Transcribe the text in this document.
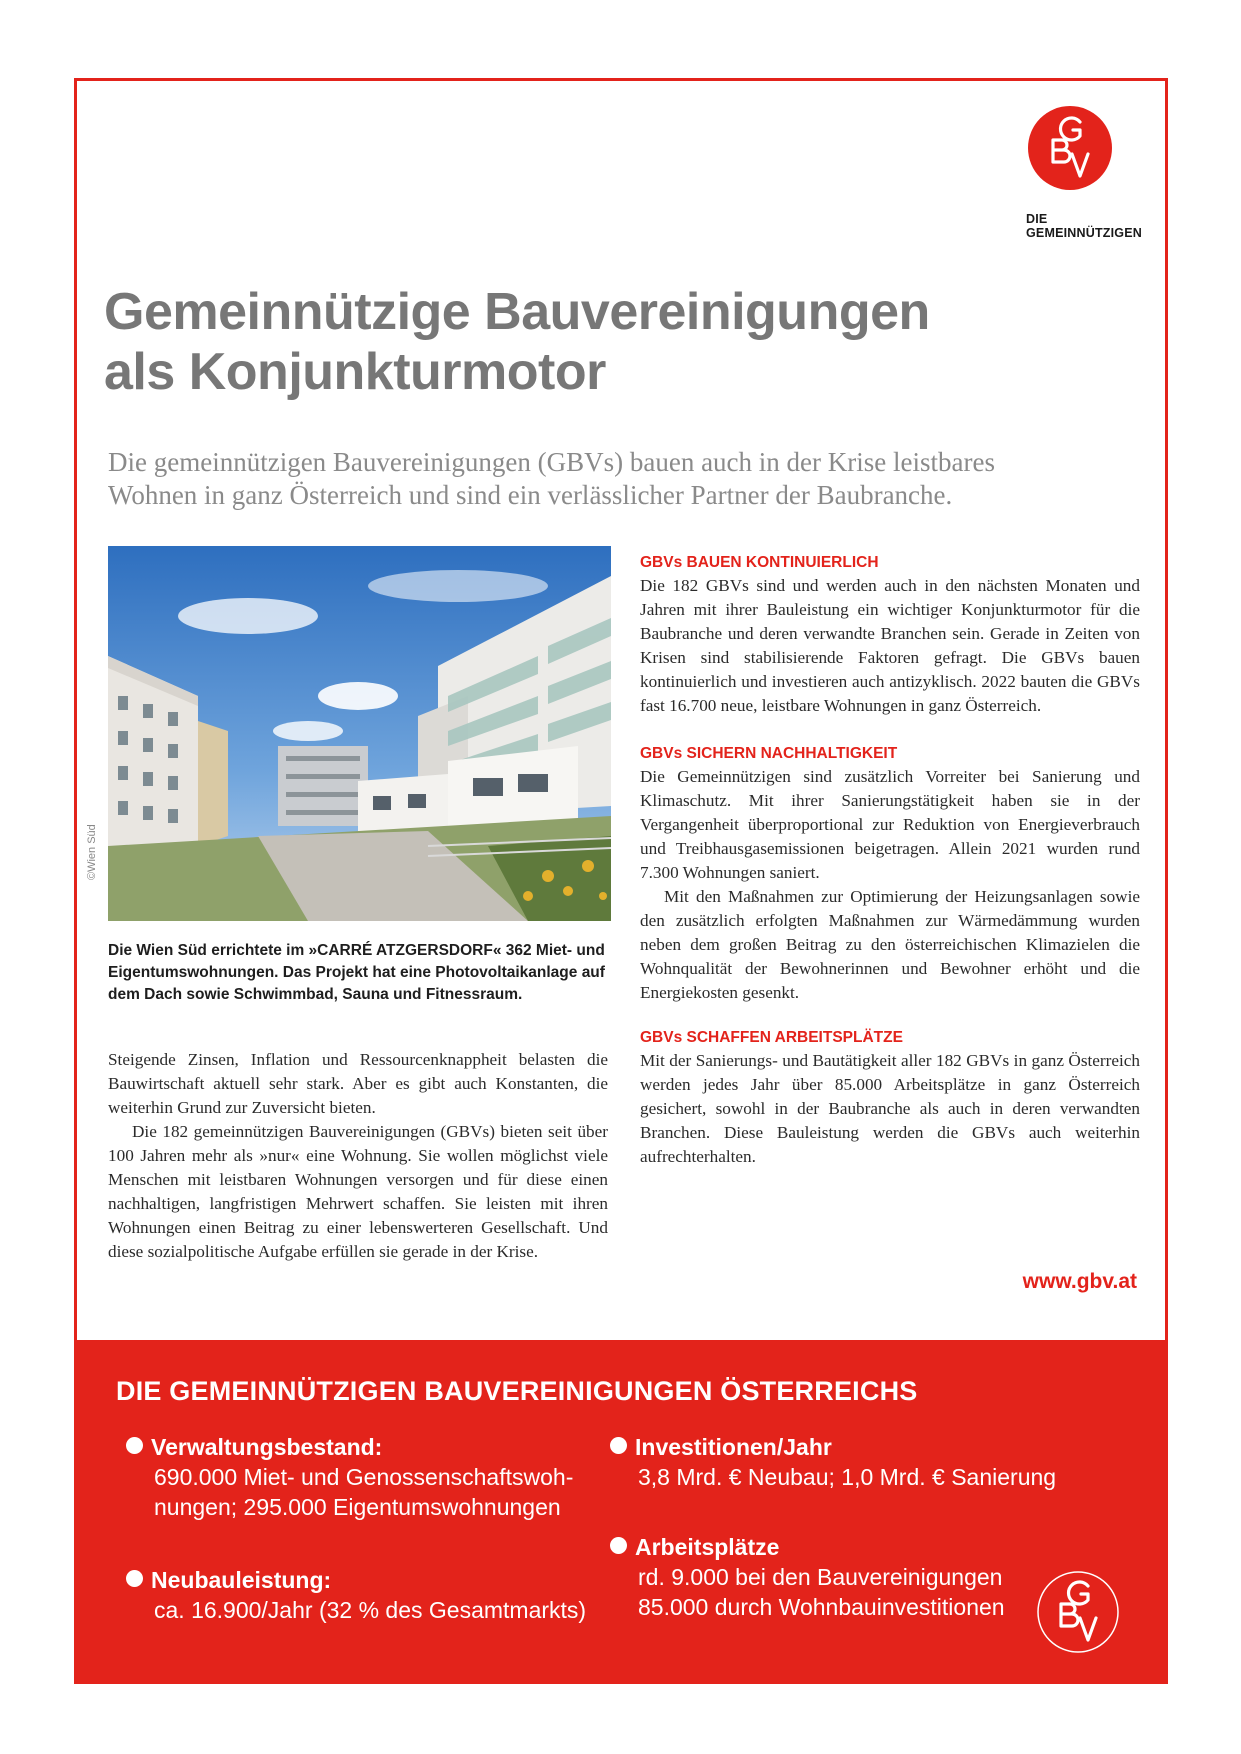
DIE
GEMEINNÜTZIGEN
Gemeinnützige Bauvereinigungen
als Konjunkturmotor

Die gemeinnützigen Bauvereinigungen (GBVs) bauen auch in der Krise leistbares
Wohnen in ganz Österreich und sind ein verlässlicher Partner der Baubranche.

©Wien Süd

Die Wien Süd errichtete im »CARRÉ ATZGERSDORF« 362 Miet- und Eigentumswohnungen. Das Projekt hat eine Photovoltaikanlage auf dem Dach sowie Schwimmbad, Sauna und Fitnessraum.

Steigende Zinsen, Inflation und Ressourcenknappheit belasten die Bauwirtschaft aktuell sehr stark. Aber es gibt auch Konstanten, die weiterhin Grund zur Zuversicht bieten.

Die 182 gemeinnützigen Bauvereinigungen (GBVs) bieten seit über 100 Jahren mehr als »nur« eine Wohnung. Sie wollen möglichst viele Menschen mit leistbaren Wohnungen versorgen und für diese einen nachhaltigen, langfristigen Mehrwert schaffen. Sie leisten mit ihren Wohnungen einen Beitrag zu einer lebenswerteren Gesellschaft. Und diese sozialpolitische Aufgabe erfüllen sie gerade in der Krise.

GBVs BAUEN KONTINUIERLICH

Die 182 GBVs sind und werden auch in den nächsten Monaten und Jahren mit ihrer Bauleistung ein wichtiger Konjunkturmotor für die Baubranche und deren verwandte Branchen sein. Gerade in Zeiten von Krisen sind stabilisierende Faktoren gefragt. Die GBVs bauen kontinuierlich und investieren auch antizyklisch. 2022 bauten die GBVs fast 16.700 neue, leistbare Wohnungen in ganz Österreich.

GBVs SICHERN NACHHALTIGKEIT

Die Gemeinnützigen sind zusätzlich Vorreiter bei Sanierung und Klimaschutz. Mit ihrer Sanierungstätigkeit haben sie in der Vergangenheit überproportional zur Reduktion von Energieverbrauch und Treibhausgasemissionen beigetragen. Allein 2021 wurden rund 7.300 Wohnungen saniert.

Mit den Maßnahmen zur Optimierung der Heizungsanlagen sowie den zusätzlich erfolgten Maßnahmen zur Wärmedämmung wurden neben dem großen Beitrag zu den österreichischen Klimazielen die Wohnqualität der Bewohnerinnen und Bewohner erhöht und die Energiekosten gesenkt.

GBVs SCHAFFEN ARBEITSPLÄTZE

Mit der Sanierungs- und Bautätigkeit aller 182 GBVs in ganz Österreich werden jedes Jahr über 85.000 Arbeitsplätze in ganz Österreich gesichert, sowohl in der Baubranche als auch in deren verwandten Branchen. Diese Bauleistung werden die GBVs auch weiterhin aufrechterhalten.

www.gbv.at
DIE GEMEINNÜTZIGEN BAUVEREINIGUNGEN ÖSTERREICHS
Verwaltungsbestand:
690.000 Miet- und Genossenschaftswoh-
nungen; 295.000 Eigentumswohnungen
Neubauleistung:
ca. 16.900/Jahr (32 % des Gesamtmarkts)
Investitionen/Jahr
3,8 Mrd. € Neubau; 1,0 Mrd. € Sanierung
Arbeitsplätze
rd. 9.000 bei den Bauvereinigungen
85.000 durch Wohnbauinvestitionen
